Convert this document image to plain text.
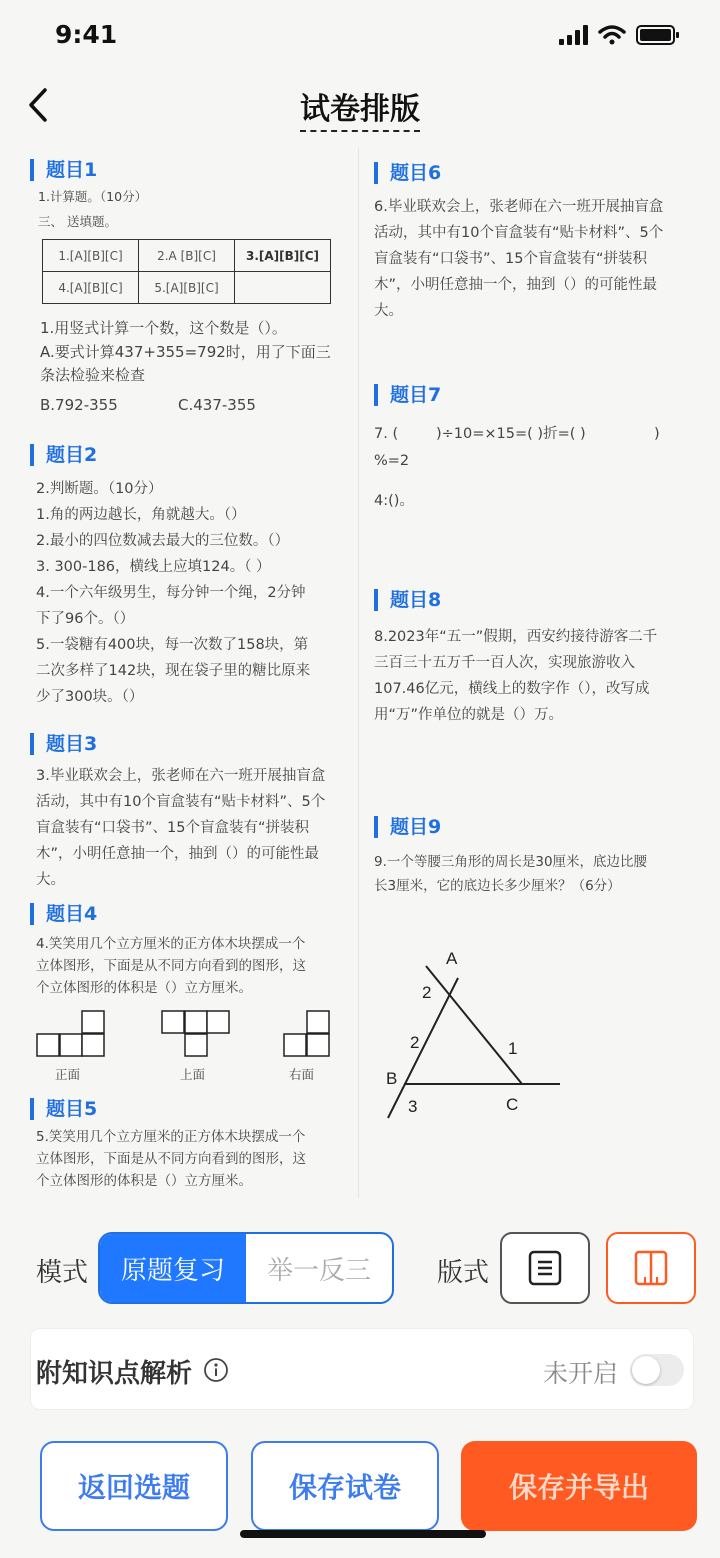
9:41
试卷排版
题目1
1.计算题。（10分）
三、 送填题。
1.[A][B][C]	2.A [B][C]	3.[A][B][C]
4.[A][B][C]	5.[A][B][C]	
1.用竖式计算一个数，这个数是（）。
A.要式计算437+355=792时，用了下面三
条法检验来检查
B.792-355	C.437-355
题目2
2.判断题。（10分）
1.角的两边越长，角就越大。（）
2.最小的四位数减去最大的三位数。（）
3. 300-186，横线上应填124。（ ）
4.一个六年级男生，每分钟一个绳，2分钟
下了96个。（）
5.一袋糖有400块，每一次数了158块，第
二次多样了142块，现在袋子里的糖比原来
少了300块。（）
题目3
3.毕业联欢会上，张老师在六一班开展抽盲盒
活动，其中有10个盲盒装有“贴卡材料”、5个
盲盒装有“口袋书”、15个盲盒装有“拼装积
木”，小明任意抽一个，抽到（）的可能性最
大。
题目4
4.笑笑用几个立方厘米的正方体木块摆成一个
立体图形，下面是从不同方向看到的图形，这
个立体图形的体积是（）立方厘米。
正面	上面	右面
题目5
5.笑笑用几个立方厘米的正方体木块摆成一个
立体图形，下面是从不同方向看到的图形，这
个立体图形的体积是（）立方厘米。
题目6
6.毕业联欢会上，张老师在六一班开展抽盲盒
活动，其中有10个盲盒装有“贴卡材料”、5个
盲盒装有“口袋书”、15个盲盒装有“拼装积
木”，小明任意抽一个，抽到（）的可能性最
大。
题目7
7. (	)÷10=×15=( )折=( )	)
%=2
4:()。
题目8
8.2023年“五一”假期，西安约接待游客二千
三百三十五万千一百人次，实现旅游收入
107.46亿元，横线上的数字作（），改写成
用“万”作单位的就是（）万。
题目9
9.一个等腰三角形的周长是30厘米，底边比腰
长3厘米，它的底边长多少厘米？（6分）
A
2
2	1
B
3	C
模式	原题复习	举一反三	版式
附知识点解析	未开启
返回选题	保存试卷	保存并导出
